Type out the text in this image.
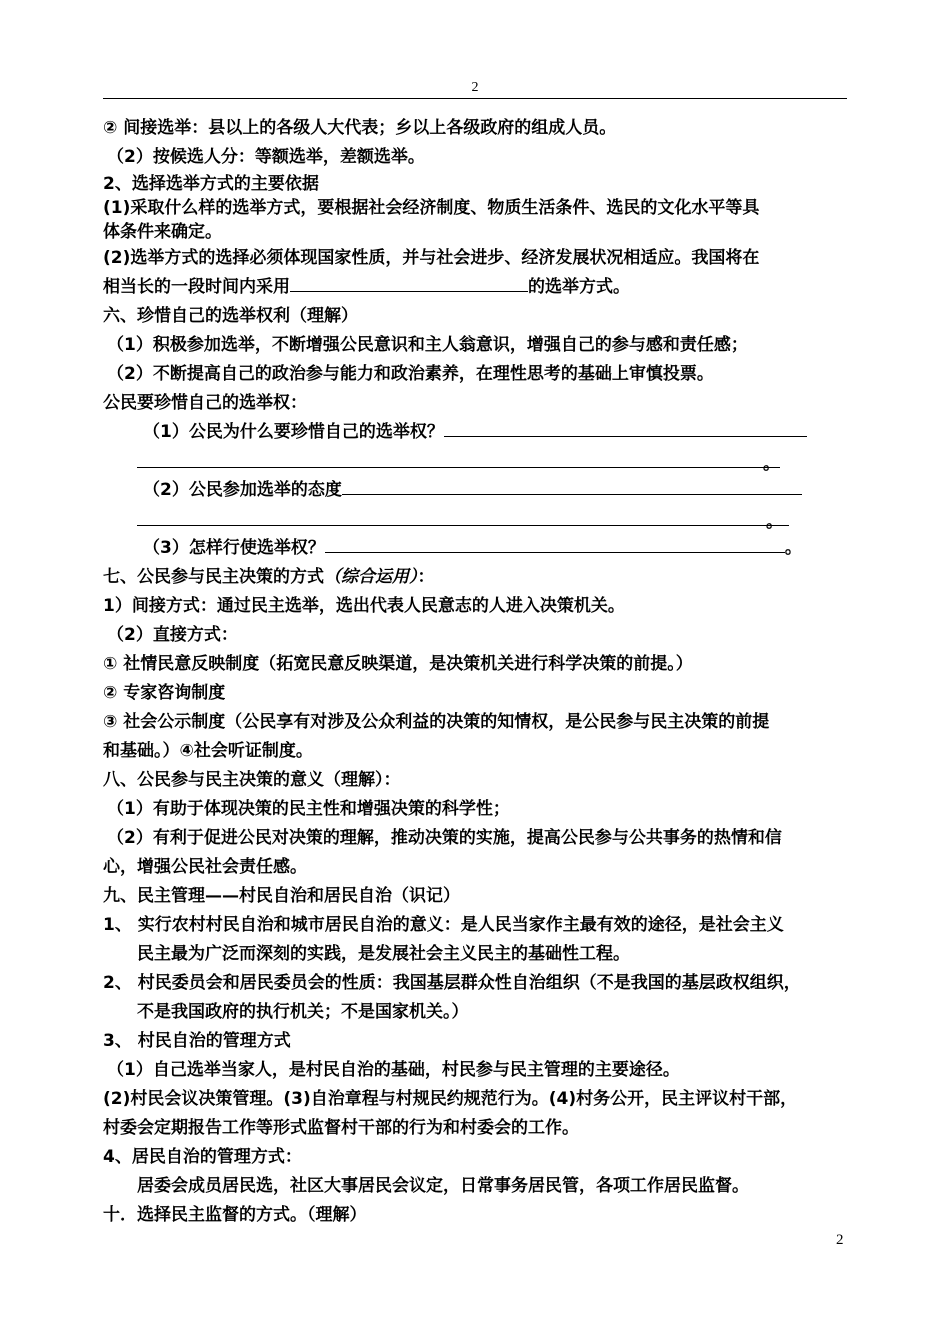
2
② 间接选举：县以上的各级人大代表；乡以上各级政府的组成人员。
（2）按候选人分：等额选举，差额选举。
2、选择选举方式的主要依据
(1)采取什么样的选举方式，要根据社会经济制度、物质生活条件、选民的文化水平等具
体条件来确定。
(2)选举方式的选择必须体现国家性质，并与社会进步、经济发展状况相适应。我国将在
相当长的一段时间内采用	的选举方式。
六、珍惜自己的选举权利（理解）
（1）积极参加选举，不断增强公民意识和主人翁意识，增强自己的参与感和责任感；
（2）不断提高自己的政治参与能力和政治素养，在理性思考的基础上审慎投票。
公民要珍惜自己的选举权：
（1）公民为什么要珍惜自己的选举权？
。
（2）公民参加选举的态度
。
（3）怎样行使选举权？	。
七、公民参与民主决策的方式（综合运用）：
1）间接方式：通过民主选举，选出代表人民意志的人进入决策机关。
（2）直接方式：
① 社情民意反映制度（拓宽民意反映渠道，是决策机关进行科学决策的前提。）
② 专家咨询制度
③ 社会公示制度（公民享有对涉及公众利益的决策的知情权，是公民参与民主决策的前提
和基础。）④社会听证制度。
八、公民参与民主决策的意义（理解）：
（1）有助于体现决策的民主性和增强决策的科学性；
（2）有利于促进公民对决策的理解，推动决策的实施，提高公民参与公共事务的热情和信
心，增强公民社会责任感。
九、民主管理——村民自治和居民自治（识记）
1、 实行农村村民自治和城市居民自治的意义：是人民当家作主最有效的途径，是社会主义
民主最为广泛而深刻的实践，是发展社会主义民主的基础性工程。
2、 村民委员会和居民委员会的性质：我国基层群众性自治组织（不是我国的基层政权组织，
不是我国政府的执行机关；不是国家机关。）
3、 村民自治的管理方式
（1）自己选举当家人，是村民自治的基础，村民参与民主管理的主要途径。
(2)村民会议决策管理。(3)自治章程与村规民约规范行为。(4)村务公开，民主评议村干部，
村委会定期报告工作等形式监督村干部的行为和村委会的工作。
4、居民自治的管理方式：
居委会成员居民选，社区大事居民会议定，日常事务居民管，各项工作居民监督。
十．选择民主监督的方式。（理解）
2
